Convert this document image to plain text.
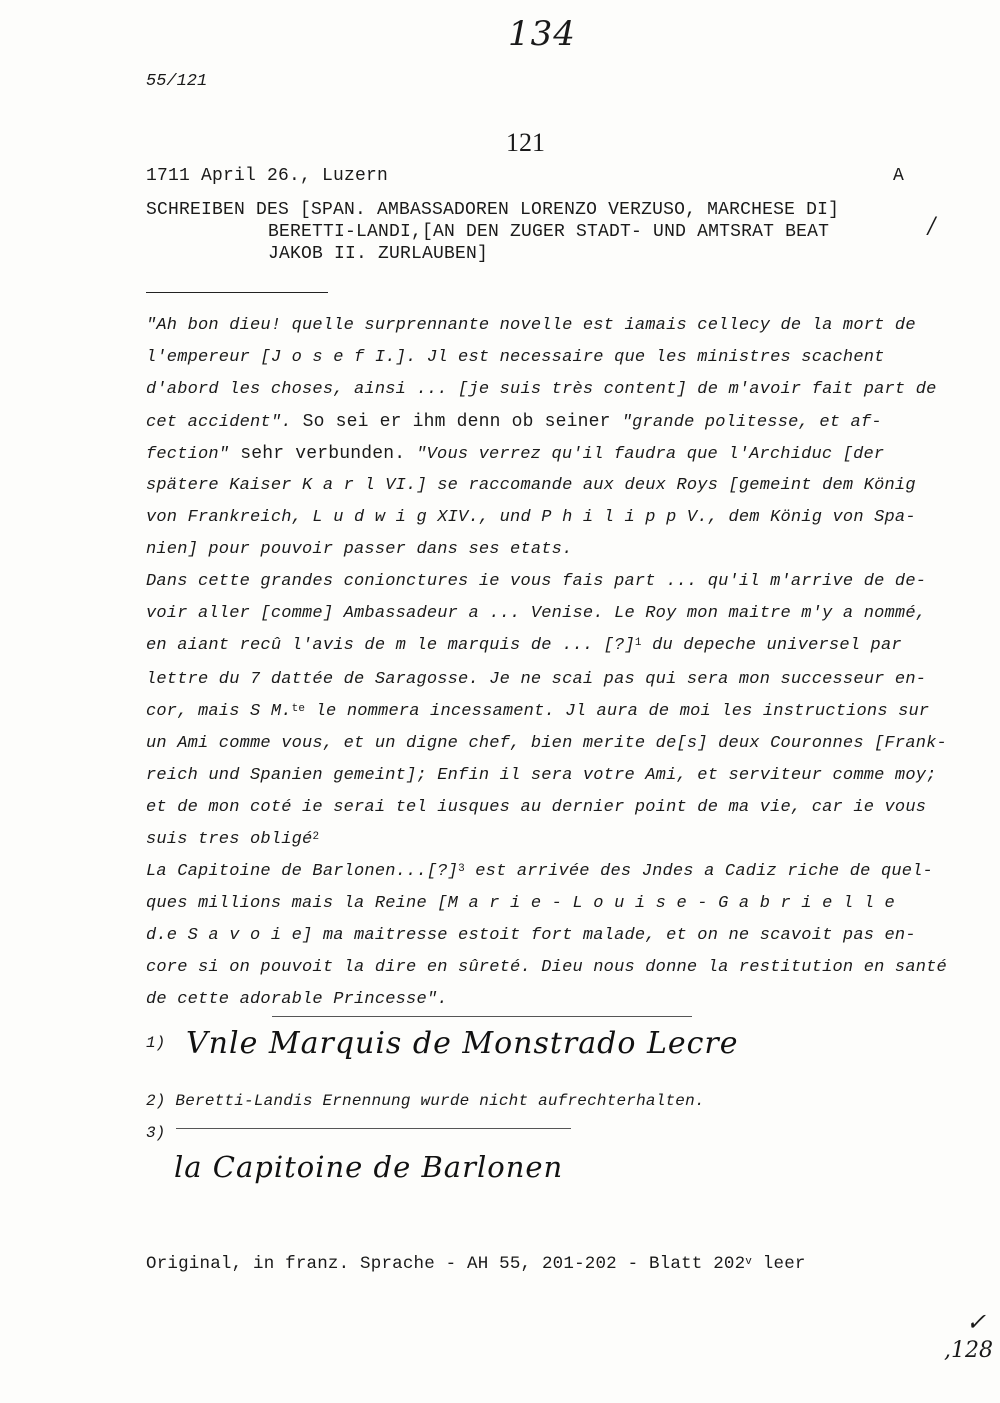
134
55/121
121
1711 April 26., Luzern	A
SCHREIBEN DES [SPAN. AMBASSADOREN LORENZO VERZUSO, MARCHESE DI]
BERETTI-LANDI,[AN DEN ZUGER STADT- UND AMTSRAT BEAT
JAKOB II. ZURLAUBEN]
/
"Ah bon dieu! quelle surprennante novelle est iamais cellecy de la mort de
l'empereur [J o s e f I.]. Jl est necessaire que les ministres scachent
d'abord les choses, ainsi ... [je suis très content] de m'avoir fait part de
cet accident". So sei er ihm denn ob seiner "grande politesse, et af-
fection" sehr verbunden. "Vous verrez qu'il faudra que l'Archiduc [der
spätere Kaiser K a r l VI.] se raccomande aux deux Roys [gemeint dem König
von Frankreich, L u d w i g XIV., und P h i l i p p V., dem König von Spa-
nien] pour pouvoir passer dans ses etats.
Dans cette grandes conionctures ie vous fais part ... qu'il m'arrive de de-
voir aller [comme] Ambassadeur a ... Venise. Le Roy mon maitre m'y a nommé,
en aiant recû l'avis de m le marquis de ... [?]$^1$ du depeche universel par
lettre du 7 dattée de Saragosse. Je ne scai pas qui sera mon successeur en-
cor, mais S M.$^{te}$ le nommera incessament. Jl aura de moi les instructions sur
un Ami comme vous, et un digne chef, bien merite de[s] deux Couronnes [Frank-
reich und Spanien gemeint]; Enfin il sera votre Ami, et serviteur comme moy;
et de mon coté ie serai tel iusques au dernier point de ma vie, car ie vous
suis tres obligé$^2$
La Capitoine de Barlonen...[?]$^3$ est arrivée des Jndes a Cadiz riche de quel-
ques millions mais la Reine [M a r i e - L o u i s e - G a b r i e l l e
d.e S a v o i e] ma maitresse estoit fort malade, et on ne scavoit pas en-
core si on pouvoit la dire en sûreté. Dieu nous donne la restitution en santé
de cette adorable Princesse".
1) Vnle Marquis de Monstrado Lecre
2) Beretti-Landis Ernennung wurde nicht aufrechterhalten.
3)
la Capitoine de Barlonen
Original, in franz. Sprache - AH 55, 201-202 - Blatt 202$^v$ leer
✓
,128
